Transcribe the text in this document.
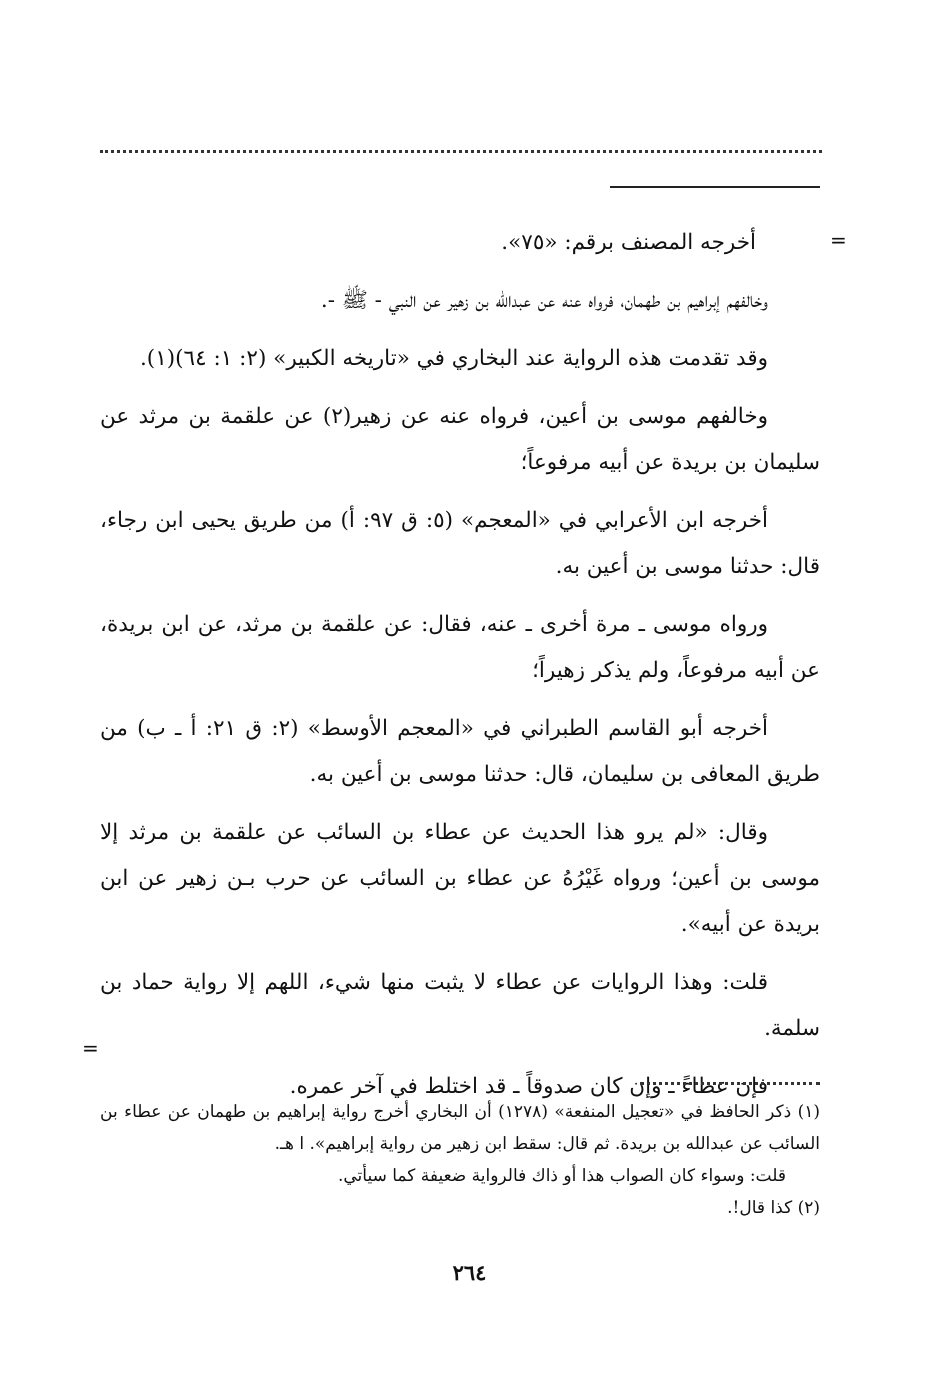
=

أخرجه المصنف برقم: «٧٥».

وخالفهم إبراهيم بن طهمان، فرواه عنه عن عبدالله بن زهير عن النبي - ﷺ -.

وقد تقدمت هذه الرواية عند البخاري في «تاريخه الكبير» (٢: ١: ٦٤)(١).

وخالفهم موسى بن أعين، فرواه عنه عن زهير(٢) عن علقمة بن مرثد عن سليمان بن بريدة عن أبيه مرفوعاً؛

أخرجه ابن الأعرابي في «المعجم» (٥: ق ٩٧: أ) من طريق يحيى ابن رجاء، قال: حدثنا موسى بن أعين به.

ورواه موسى ـ مرة أخرى ـ عنه، فقال: عن علقمة بن مرثد، عن ابن بريدة، عن أبيه مرفوعاً، ولم يذكر زهيراً؛

أخرجه أبو القاسم الطبراني في «المعجم الأوسط» (٢: ق ٢١: أ ـ ب) من طريق المعافى بن سليمان، قال: حدثنا موسى بن أعين به.

وقال: «لم يرو هذا الحديث عن عطاء بن السائب عن علقمة بن مرثد إلا موسى بن أعين؛ ورواه غَيْرُهُ عن عطاء بن السائب عن حرب بـن زهير عن ابن بريدة عن أبيه».

قلت: وهذا الروايات عن عطاء لا يثبت منها شيء، اللهم إلا رواية حماد بن سلمة.

فإن عطاءً ـ وإن كان صدوقاً ـ قد اختلط في آخر عمره.

=

(١) ذكر الحافظ في «تعجيل المنفعة» (١٢٧٨) أن البخاري أخرج رواية إبراهيم بن طهمان عن عطاء بن السائب عن عبدالله بن بريدة. ثم قال: سقط ابن زهير من رواية إبراهيم». ا هـ.

قلت: وسواء كان الصواب هذا أو ذاك فالرواية ضعيفة كما سيأتي.

(٢) كذا قال!.

٢٦٤
